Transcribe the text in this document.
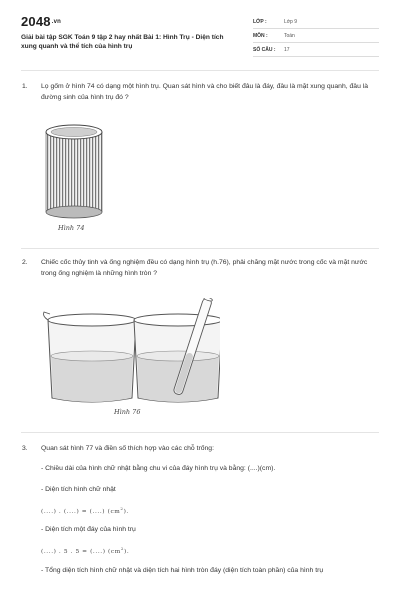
$2048^{.vn}$
Giải bài tập SGK Toán 9 tập 2 hay nhất Bài 1: Hình Trụ - Diện tích xung quanh và thể tích của hình trụ
LỚP :	Lớp 9
MÔN :	Toán
SỐ CÂU : 17
1. Lọ gốm ở hình 74 có dạng một hình trụ. Quan sát hình và cho biết đâu là đáy, đâu là mặt xung quanh, đâu là đường sinh của hình trụ đó ?
Hình 74
2. Chiếc cốc thủy tinh và ống nghiệm đều có dạng hình trụ (h.76), phải chăng mặt nước trong cốc và mặt nước trong ống nghiệm là những hình tròn ?
Hình 76
3. Quan sát hình 77 và điền số thích hợp vào các chỗ trống:
- Chiều dài của hình chữ nhật bằng chu vi của đáy hình trụ và bằng: (....)(cm).
- Diện tích hình chữ nhật
(....) . (....) = (....) $(cm^2)$.
- Diện tích một đáy của hình trụ
(....) . 5 . 5 = (....) $(cm^2)$.
- Tổng diện tích hình chữ nhật và diện tích hai hình tròn đáy (diện tích toàn phần) của hình trụ
